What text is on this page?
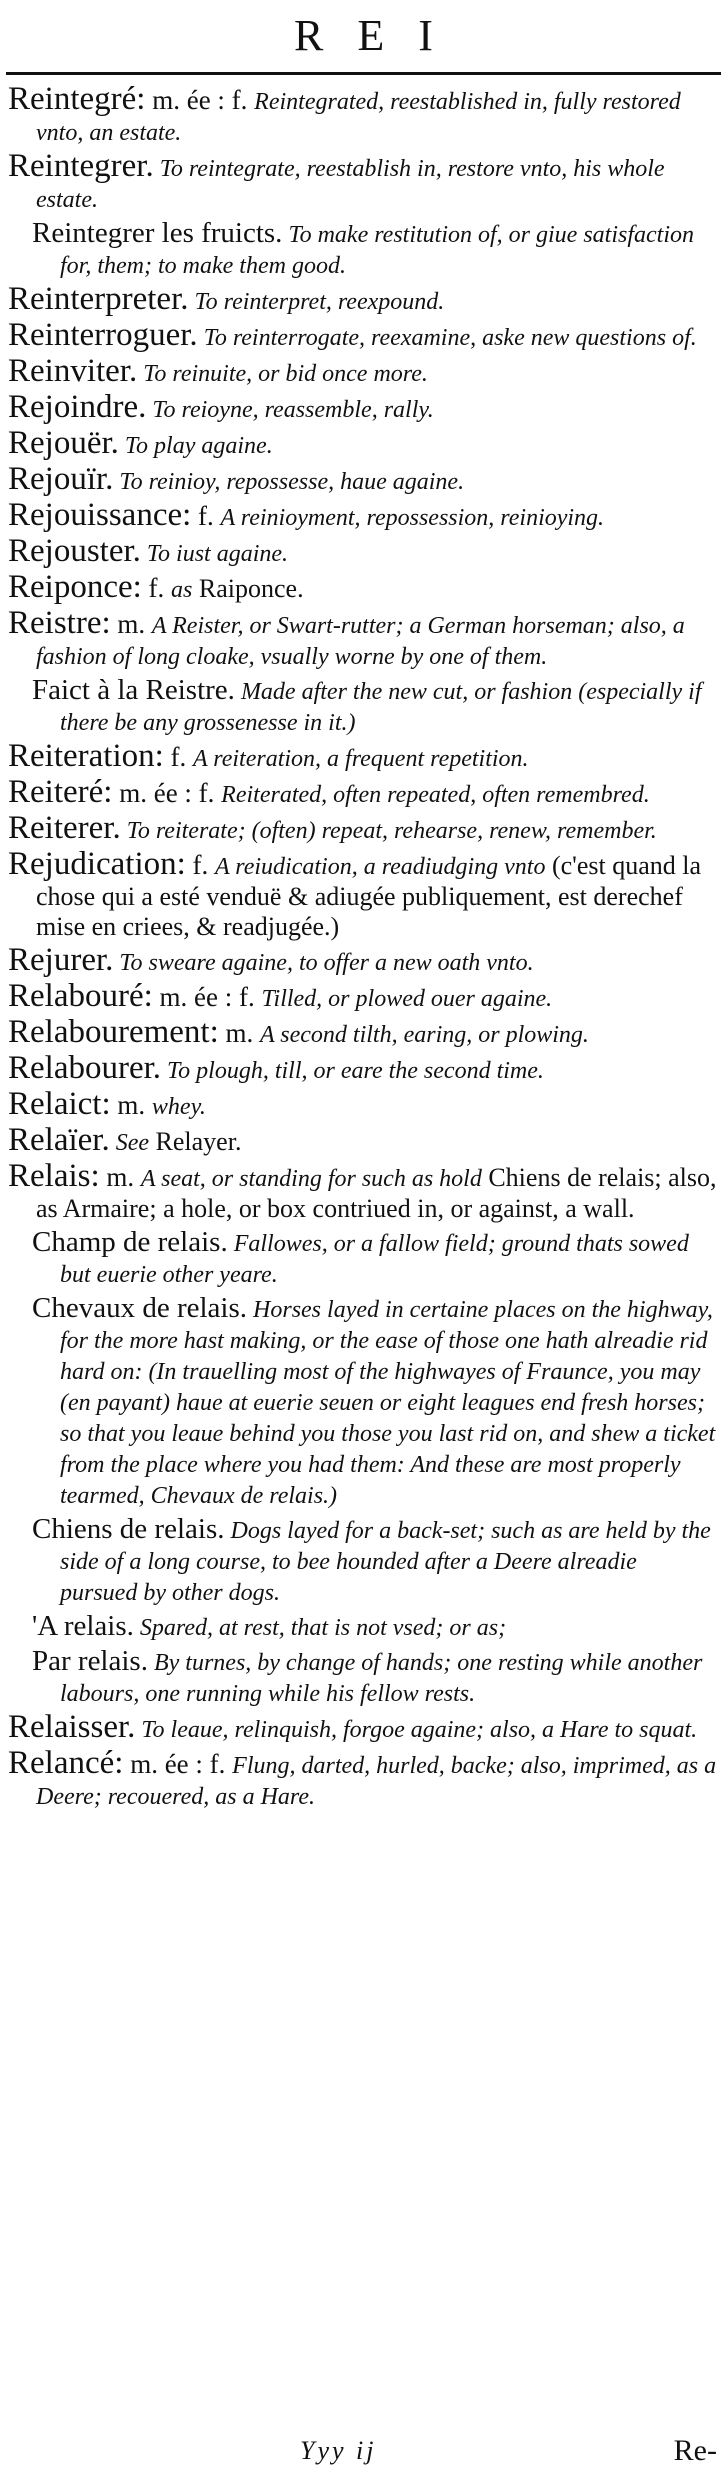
REI

Reintegré: m. ée : f. Reintegrated, reestablished in, fully restored vnto, an estate.

Reintegrer. To reintegrate, reestablish in, restore vnto, his whole estate.

Reintegrer les fruicts. To make restitution of, or giue satisfaction for, them; to make them good.

Reinterpreter. To reinterpret, reexpound.

Reinterroguer. To reinterrogate, reexamine, aske new questions of.

Reinviter. To reinuite, or bid once more.

Rejoindre. To reioyne, reassemble, rally.

Rejouër. To play againe.

Rejouïr. To reinioy, repossesse, haue againe.

Rejouissance: f. A reinioyment, repossession, reinioying.

Rejouster. To iust againe.

Reiponce: f. as Raiponce.

Reistre: m. A Reister, or Swart-rutter; a German horseman; also, a fashion of long cloake, vsually worne by one of them.

Faict à la Reistre. Made after the new cut, or fashion (especially if there be any grossenesse in it.)

Reiteration: f. A reiteration, a frequent repetition.

Reiteré: m. ée : f. Reiterated, often repeated, often remembred.

Reiterer. To reiterate; (often) repeat, rehearse, renew, remember.

Rejudication: f. A reiudication, a readiudging vnto (c'est quand la chose qui a esté venduë & adiugée publiquement, est derechef mise en criees, & readjugée.)

Rejurer. To sweare againe, to offer a new oath vnto.

Relabouré: m. ée : f. Tilled, or plowed ouer againe.

Relabourement: m. A second tilth, earing, or plowing.

Relabourer. To plough, till, or eare the second time.

Relaict: m. whey.

Relaïer. See Relayer.

Relais: m. A seat, or standing for such as hold Chiens de relais; also, as Armaire; a hole, or box contriued in, or against, a wall.

Champ de relais. Fallowes, or a fallow field; ground thats sowed but euerie other yeare.

Chevaux de relais. Horses layed in certaine places on the highway, for the more hast making, or the ease of those one hath alreadie rid hard on: (In trauelling most of the highwayes of Fraunce, you may (en payant) haue at euerie seuen or eight leagues end fresh horses; so that you leaue behind you those you last rid on, and shew a ticket from the place where you had them: And these are most properly tearmed, Chevaux de relais.)

Chiens de relais. Dogs layed for a back-set; such as are held by the side of a long course, to bee hounded after a Deere alreadie pursued by other dogs.

'A relais. Spared, at rest, that is not vsed; or as;

Par relais. By turnes, by change of hands; one resting while another labours, one running while his fellow rests.

Relaisser. To leaue, relinquish, forgoe againe; also, a Hare to squat.

Relancé: m. ée : f. Flung, darted, hurled, backe; also, imprimed, as a Deere; recouered, as a Hare.

Yyy ij	Re-
